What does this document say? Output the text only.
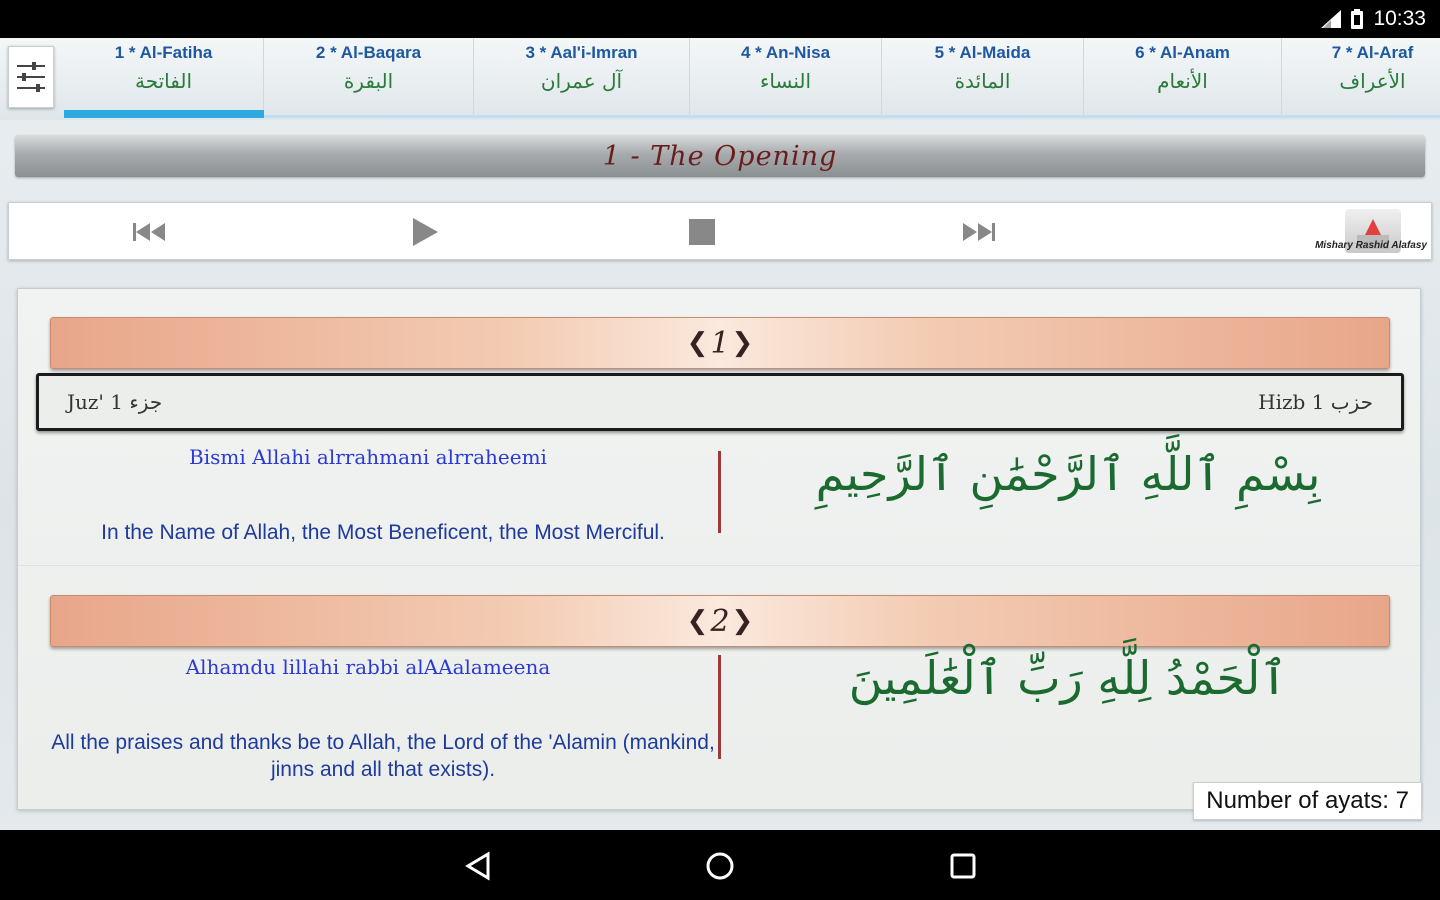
10:33
1 * Al-Fatiha
الفاتحة
2 * Al-Baqara
البقرة
3 * Aal'i-Imran
آل عمران
4 * An-Nisa
النساء
5 * Al-Maida
المائدة
6 * Al-Anam
الأنعام
7 * Al-Araf
الأعراف
1 - The Opening
Mishary Rashid Alafasy
❮ 1 ❯
Juz' 1 جزء	Hizb 1 حزب
Bismi Allahi alrrahmani alrraheemi
In the Name of Allah, the Most Beneficent, the Most Merciful.
بِسْمِ ٱللَّهِ ٱلرَّحْمَٰنِ ٱلرَّحِيمِ
❮ 2 ❯
Alhamdu lillahi rabbi alAAalameena
All the praises and thanks be to Allah, the Lord of the 'Alamin (mankind, jinns and all that exists).
ٱلْحَمْدُ لِلَّهِ رَبِّ ٱلْعَٰلَمِينَ
Number of ayats: 7
